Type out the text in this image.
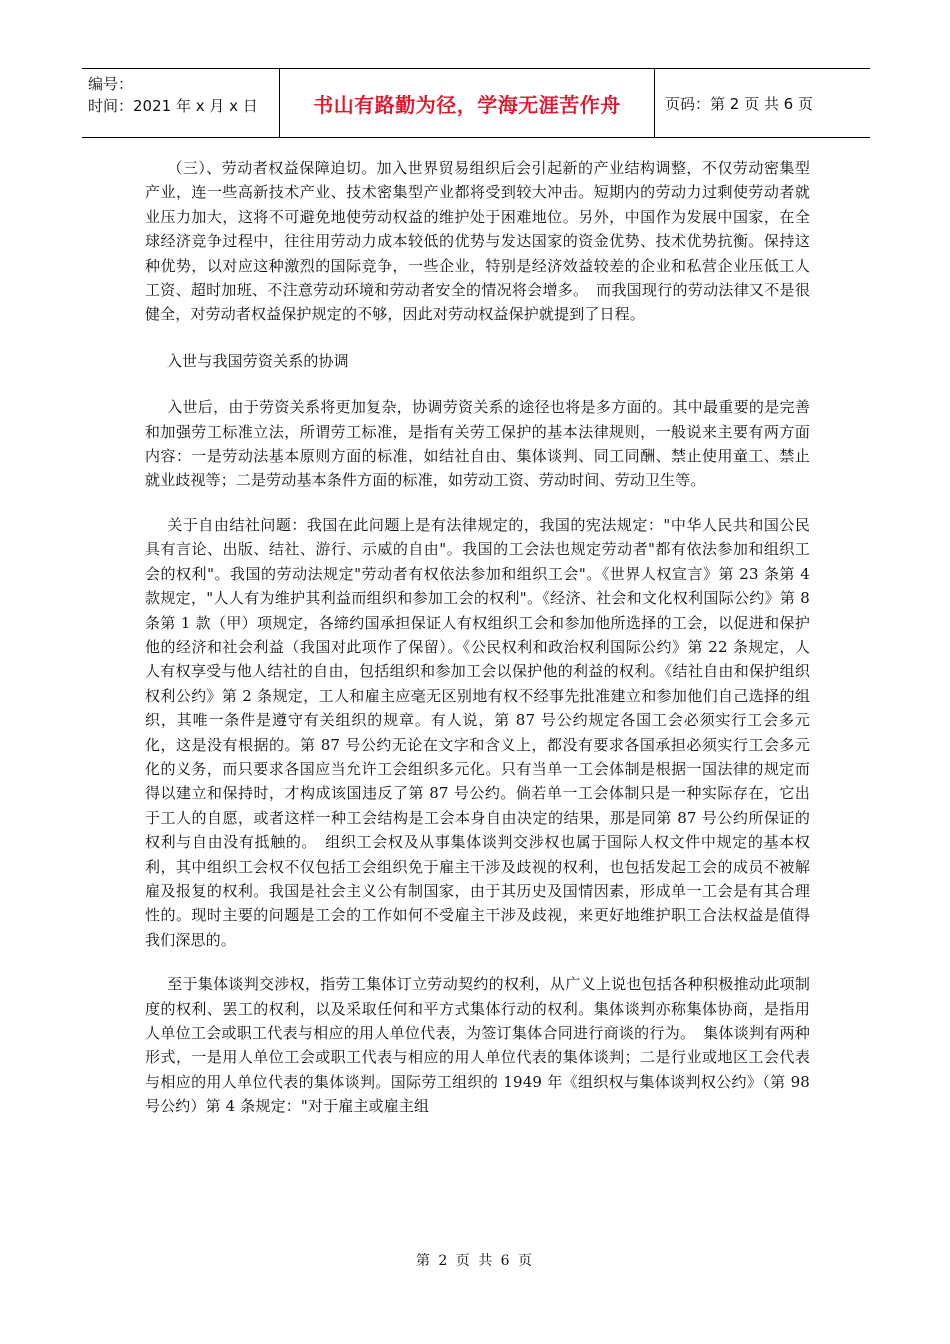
编号：
时间：2021 年 x 月 x 日	书山有路勤为径，学海无涯苦作舟	页码：第 2 页 共 6 页

（三）、劳动者权益保障迫切。加入世界贸易组织后会引起新的产业结构调整，不仅劳动密集型产业，连一些高新技术产业、技术密集型产业都将受到较大冲击。短期内的劳动力过剩使劳动者就业压力加大，这将不可避免地使劳动权益的维护处于困难地位。另外，中国作为发展中国家，在全球经济竞争过程中，往往用劳动力成本较低的优势与发达国家的资金优势、技术优势抗衡。保持这种优势，以对应这种激烈的国际竞争，一些企业，特别是经济效益较差的企业和私营企业压低工人工资、超时加班、不注意劳动环境和劳动者安全的情况将会增多。　而我国现行的劳动法律又不是很健全，对劳动者权益保护规定的不够，因此对劳动权益保护就提到了日程。

入世与我国劳资关系的协调

入世后，由于劳资关系将更加复杂，协调劳资关系的途径也将是多方面的。其中最重要的是完善和加强劳工标准立法，所谓劳工标准，是指有关劳工保护的基本法律规则，一般说来主要有两方面内容：一是劳动法基本原则方面的标准，如结社自由、集体谈判、同工同酬、禁止使用童工、禁止就业歧视等；二是劳动基本条件方面的标准，如劳动工资、劳动时间、劳动卫生等。

关于自由结社问题：我国在此问题上是有法律规定的，我国的宪法规定："中华人民共和国公民具有言论、出版、结社、游行、示威的自由"。我国的工会法也规定劳动者"都有依法参加和组织工会的权利"。我国的劳动法规定"劳动者有权依法参加和组织工会"。《世界人权宣言》第 23 条第 4 款规定，"人人有为维护其利益而组织和参加工会的权利"。《经济、社会和文化权利国际公约》第 8 条第 1 款（甲）项规定，各缔约国承担保证人有权组织工会和参加他所选择的工会，以促进和保护他的经济和社会利益（我国对此项作了保留）。《公民权利和政治权利国际公约》第 22 条规定，人人有权享受与他人结社的自由，包括组织和参加工会以保护他的利益的权利。《结社自由和保护组织权利公约》第 2 条规定，工人和雇主应毫无区别地有权不经事先批准建立和参加他们自己选择的组织，其唯一条件是遵守有关组织的规章。有人说，第 87 号公约规定各国工会必须实行工会多元化，这是没有根据的。第 87 号公约无论在文字和含义上，都没有要求各国承担必须实行工会多元化的义务，而只要求各国应当允许工会组织多元化。只有当单一工会体制是根据一国法律的规定而得以建立和保持时，才构成该国违反了第 87 号公约。倘若单一工会体制只是一种实际存在，它出于工人的自愿，或者这样一种工会结构是工会本身自由决定的结果，那是同第 87 号公约所保证的权利与自由没有抵触的。　组织工会权及从事集体谈判交涉权也属于国际人权文件中规定的基本权利，其中组织工会权不仅包括工会组织免于雇主干涉及歧视的权利，也包括发起工会的成员不被解雇及报复的权利。我国是社会主义公有制国家，由于其历史及国情因素，形成单一工会是有其合理性的。现时主要的问题是工会的工作如何不受雇主干涉及歧视，来更好地维护职工合法权益是值得我们深思的。

至于集体谈判交涉权，指劳工集体订立劳动契约的权利，从广义上说也包括各种积极推动此项制度的权利、罢工的权利，以及采取任何和平方式集体行动的权利。集体谈判亦称集体协商，是指用人单位工会或职工代表与相应的用人单位代表，为签订集体合同进行商谈的行为。　集体谈判有两种形式，一是用人单位工会或职工代表与相应的用人单位代表的集体谈判；二是行业或地区工会代表与相应的用人单位代表的集体谈判。国际劳工组织的 1949 年《组织权与集体谈判权公约》（第 98 号公约）第 4 条规定："对于雇主或雇主组

第 2 页 共 6 页
